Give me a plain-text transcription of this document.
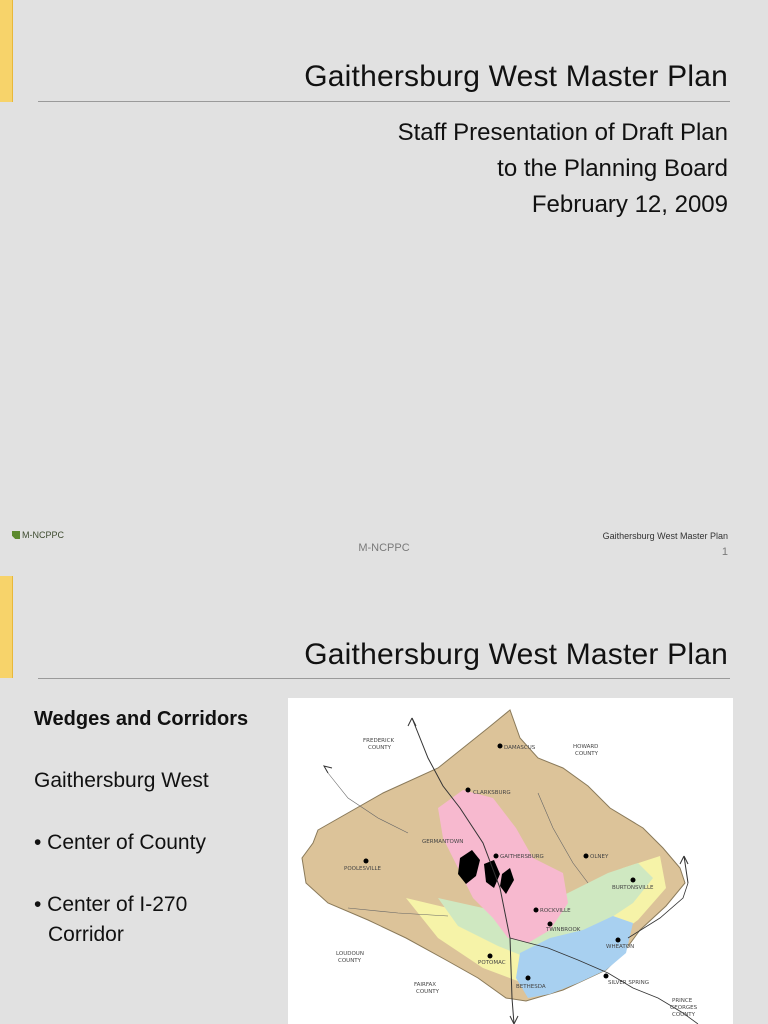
Gaithersburg West Master Plan
Staff Presentation of Draft Plan
to the Planning Board
February 12, 2009
M-NCPPC
M-NCPPC
Gaithersburg West Master Plan
1
Gaithersburg West Master Plan
Wedges and Corridors
Gaithersburg West
• Center of County
• Center of I-270
Corridor
FREDERICK
COUNTY	HOWARD
COUNTY
DAMASCUS
CLARKSBURG
GERMANTOWN
GAITHERSBURG	OLNEY
POOLESVILLE
BURTONSVILLE
ROCKVILLE
TWINBROOK
WHEATON
LOUDOUN
COUNTY	POTOMAC
BETHESDA
SILVER SPRING
FAIRFAX
COUNTY
PRINCE
GEORGES
COUNTY
